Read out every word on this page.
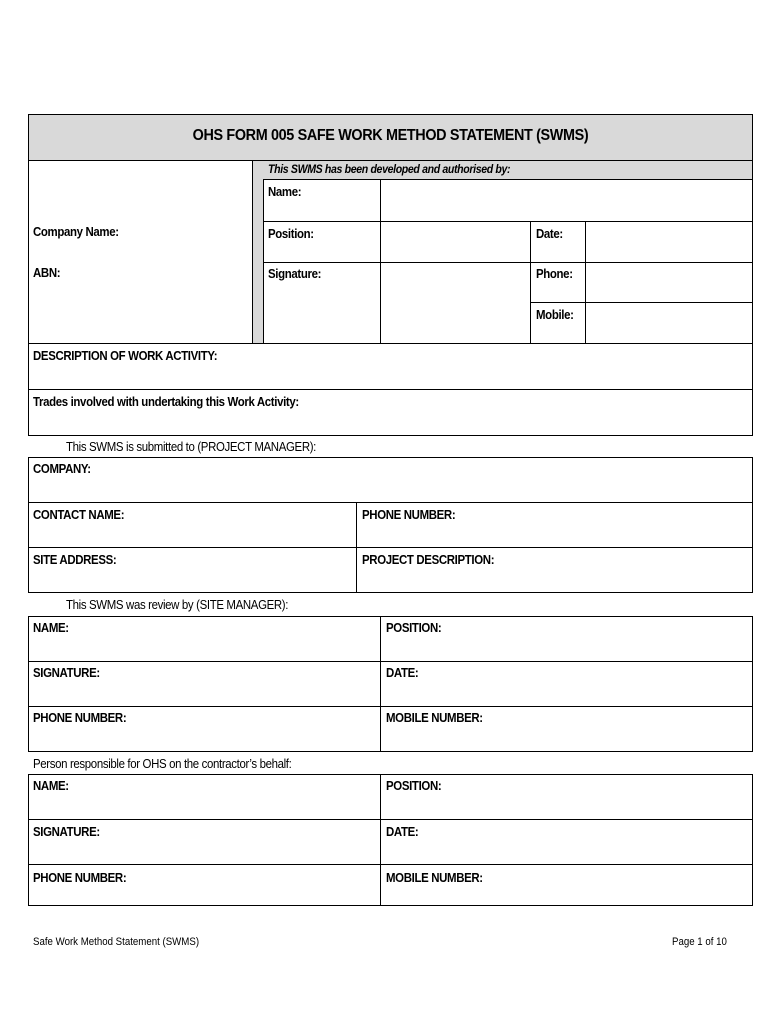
OHS FORM 005 SAFE WORK METHOD STATEMENT (SWMS)
This SWMS has been developed and authorised by:
Company Name:
ABN:
Name:
Position:	Date:
Signature:	Phone:
Mobile:
DESCRIPTION OF WORK ACTIVITY:
Trades involved with undertaking this Work Activity:
This SWMS is submitted to (PROJECT MANAGER):
COMPANY:
CONTACT NAME:	PHONE NUMBER:
SITE ADDRESS:	PROJECT DESCRIPTION:
This SWMS was review by (SITE MANAGER):
NAME:	POSITION:
SIGNATURE:	DATE:
PHONE NUMBER:	MOBILE NUMBER:
Person responsible for OHS on the contractor’s behalf:
NAME:	POSITION:
SIGNATURE:	DATE:
PHONE NUMBER:	MOBILE NUMBER:
Safe Work Method Statement (SWMS)	Page 1 of 10
